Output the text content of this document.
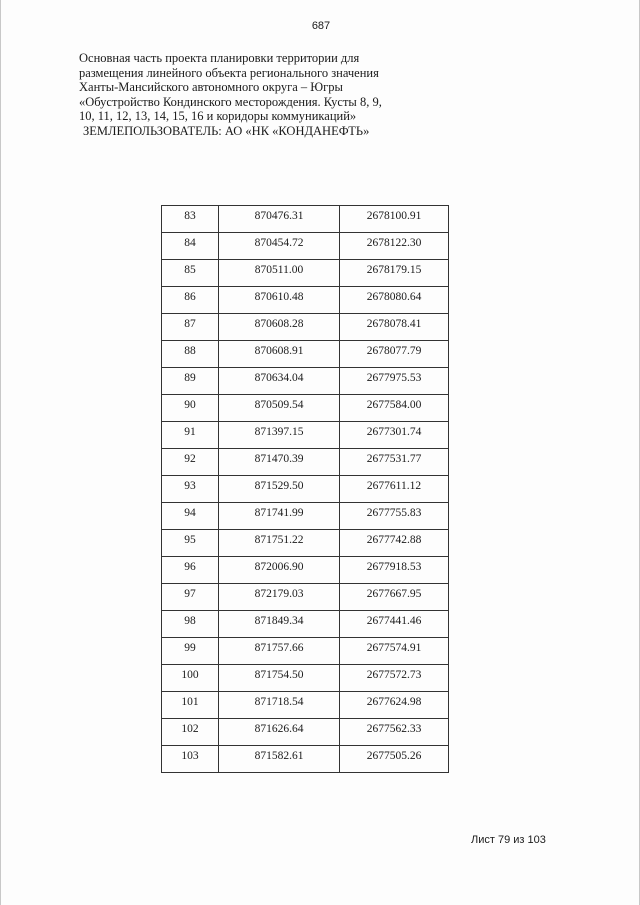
687
Основная часть проекта планировки территории для
размещения линейного объекта регионального значения
Ханты-Мансийского автономного округа – Югры
«Обустройство Кондинского месторождения. Кусты 8, 9,
10, 11, 12, 13, 14, 15, 16 и коридоры коммуникаций»
ЗЕМЛЕПОЛЬЗОВАТЕЛЬ: АО «НК «КОНДАНЕФТЬ»
83	870476.31	2678100.91
84	870454.72	2678122.30
85	870511.00	2678179.15
86	870610.48	2678080.64
87	870608.28	2678078.41
88	870608.91	2678077.79
89	870634.04	2677975.53
90	870509.54	2677584.00
91	871397.15	2677301.74
92	871470.39	2677531.77
93	871529.50	2677611.12
94	871741.99	2677755.83
95	871751.22	2677742.88
96	872006.90	2677918.53
97	872179.03	2677667.95
98	871849.34	2677441.46
99	871757.66	2677574.91
100	871754.50	2677572.73
101	871718.54	2677624.98
102	871626.64	2677562.33
103	871582.61	2677505.26
Лист 79 из 103
